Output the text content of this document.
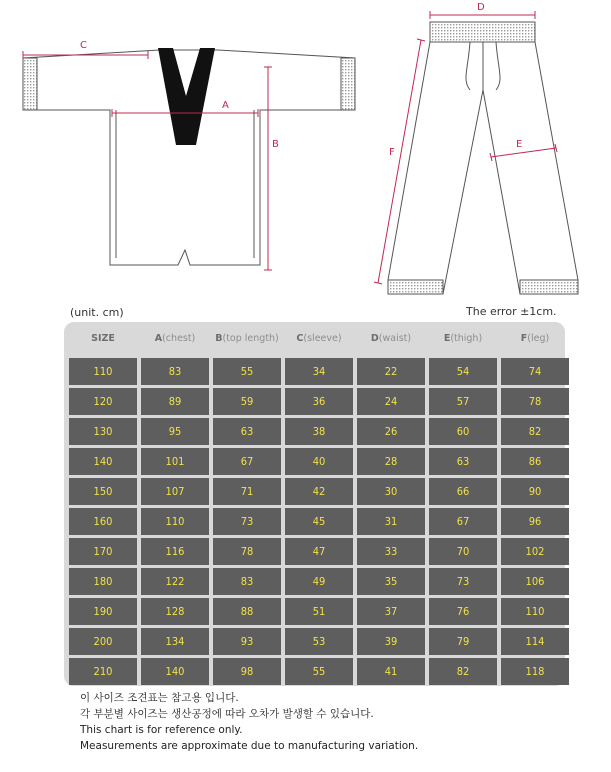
C
A
B
D
E
F
(unit. cm)	The error ±1cm.
SIZE	A(chest)	B(top length)	C(sleeve)	D(waist)	E(thigh)	F(leg)
110	83	55	34	22	54	74
120	89	59	36	24	57	78
130	95	63	38	26	60	82
140	101	67	40	28	63	86
150	107	71	42	30	66	90
160	110	73	45	31	67	96
170	116	78	47	33	70	102
180	122	83	49	35	73	106
190	128	88	51	37	76	110
200	134	93	53	39	79	114
210	140	98	55	41	82	118
이 사이즈 조견표는 참고용 입니다.
각 부분별 사이즈는 생산공정에 따라 오차가 발생할 수 있습니다.
This chart is for reference only.
Measurements are approximate due to manufacturing variation.
